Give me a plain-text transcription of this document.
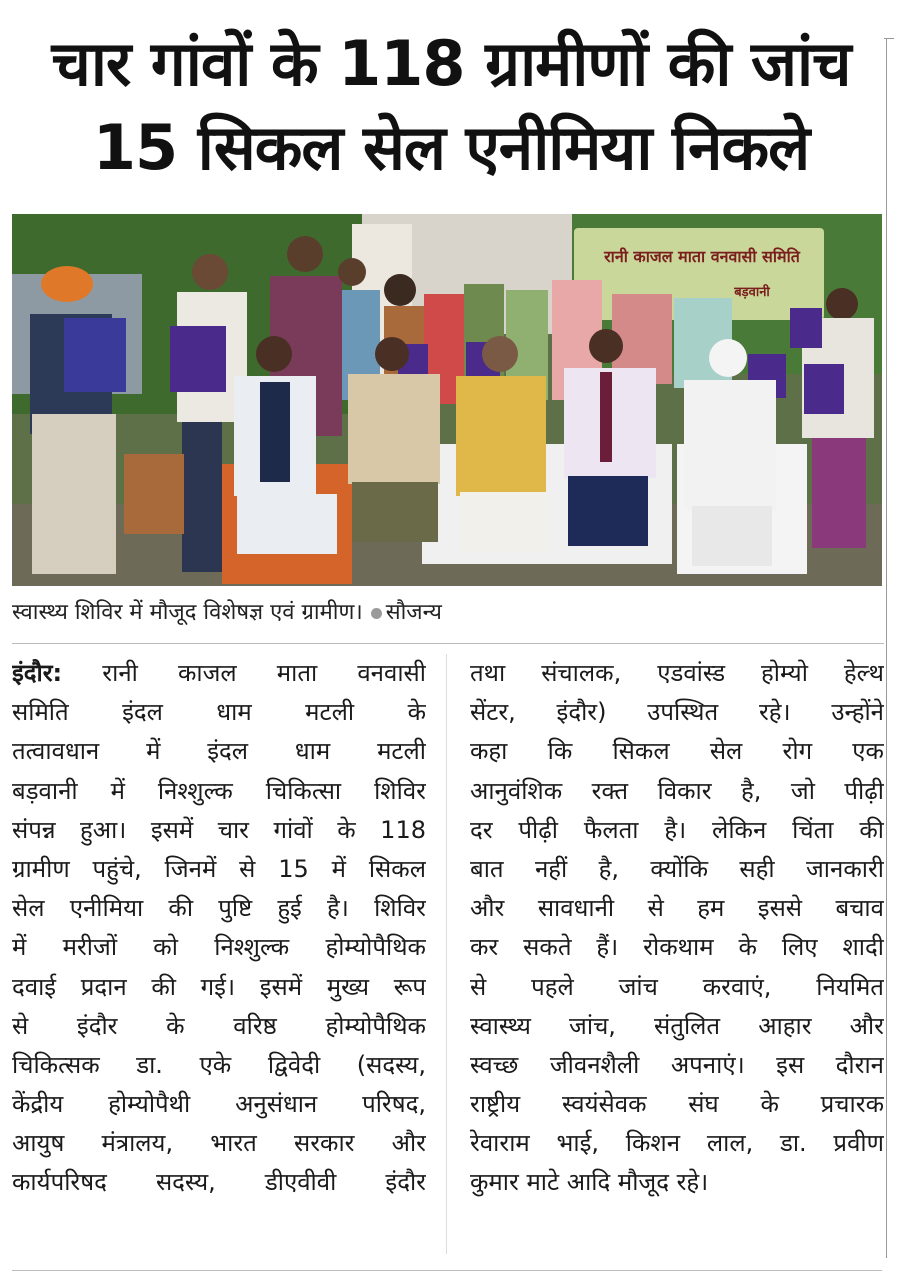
चार गांवों के 118 ग्रामीणों की जांच
15 सिकल सेल एनीमिया निकले
रानी काजल माता वनवासी समिति
बड़वानी
स्वास्थ्य शिविर में मौजूद विशेषज्ञ एवं ग्रामीण। सौजन्य
इंदौर: रानी काजल माता वनवासी
समिति इंदल धाम मटली के
तत्वावधान में इंदल धाम मटली
बड़वानी में निश्शुल्क चिकित्सा शिविर
संपन्न हुआ। इसमें चार गांवों के 118
ग्रामीण पहुंचे, जिनमें से 15 में सिकल
सेल एनीमिया की पुष्टि हुई है। शिविर
में मरीजों को निश्शुल्क होम्योपैथिक
दवाई प्रदान की गई। इसमें मुख्य रूप
से इंदौर के वरिष्ठ होम्योपैथिक
चिकित्सक डा. एके द्विवेदी (सदस्य,
केंद्रीय होम्योपैथी अनुसंधान परिषद,
आयुष मंत्रालय, भारत सरकार और
कार्यपरिषद सदस्य, डीएवीवी इंदौर
तथा संचालक, एडवांस्ड होम्यो हेल्थ
सेंटर, इंदौर) उपस्थित रहे। उन्होंने
कहा कि सिकल सेल रोग एक
आनुवंशिक रक्त विकार है, जो पीढ़ी
दर पीढ़ी फैलता है। लेकिन चिंता की
बात नहीं है, क्योंकि सही जानकारी
और सावधानी से हम इससे बचाव
कर सकते हैं। रोकथाम के लिए शादी
से पहले जांच करवाएं, नियमित
स्वास्थ्य जांच, संतुलित आहार और
स्वच्छ जीवनशैली अपनाएं। इस दौरान
राष्ट्रीय स्वयंसेवक संघ के प्रचारक
रेवाराम भाई, किशन लाल, डा. प्रवीण
कुमार माटे आदि मौजूद रहे।
